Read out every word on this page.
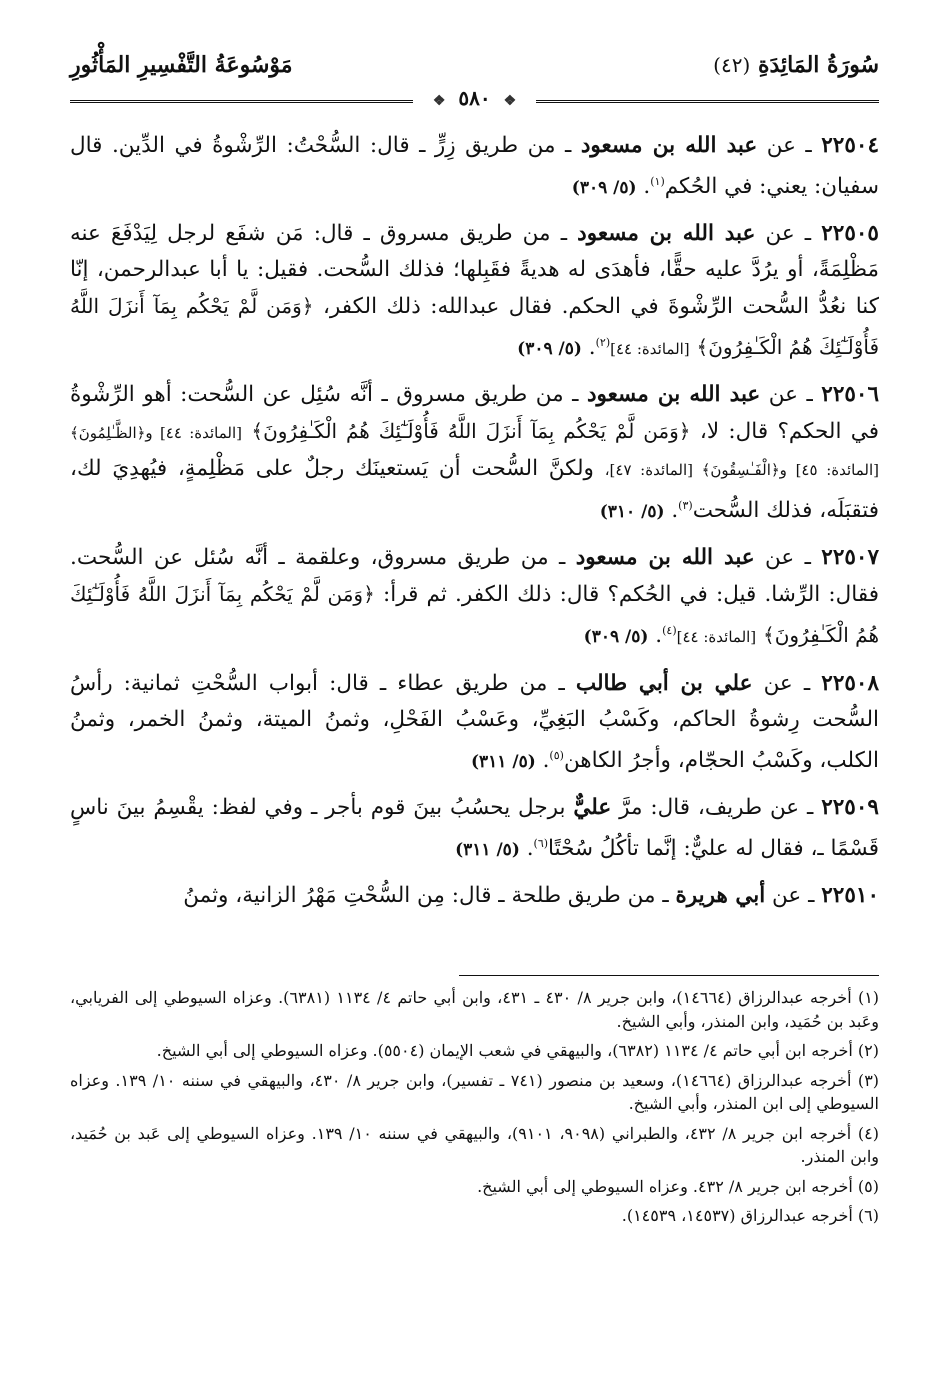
سُورَةُ المَائِدَةِ (٤٢)
مَوْسُوعَةُ التَّفْسِيرِ المَأْثُورِ
❖ ٥٨٠ ❖

٢٢٥٠٤ ـ عن عبد الله بن مسعود ـ من طريق زِرٍّ ـ قال: السُّحْتُ: الرِّشْوةُ في الدِّين. قال سفيان: يعني: في الحُكم$^{(١)}$. (٥/ ٣٠٩)

٢٢٥٠٥ ـ عن عبد الله بن مسعود ـ من طريق مسروق ـ قال: مَن شفَع لرجل لِيَدْفَعَ عنه مَظْلِمَةً، أو يرُدَّ عليه حقًّا، فأهدَى له هديةً فقَبِلها؛ فذلك السُّحت. فقيل: يا أبا عبدالرحمن، إنّا كنا نعُدُّ السُّحت الرِّشْوةَ في الحكم. فقال عبدالله: ذلك الكفر، ﴿وَمَن لَّمْ يَحْكُم بِمَآ أَنزَلَ اللَّهُ فَأُوْلَـٰٓئِكَ هُمُ الْكَـٰفِرُونَ﴾ [المائدة: ٤٤]$^{(٢)}$. (٥/ ٣٠٩)

٢٢٥٠٦ ـ عن عبد الله بن مسعود ـ من طريق مسروق ـ أنَّه سُئِل عن السُّحت: أهو الرِّشْوةُ في الحكم؟ قال: لا، ﴿وَمَن لَّمْ يَحْكُم بِمَآ أَنزَلَ اللَّهُ فَأُوْلَـٰٓئِكَ هُمُ الْكَـٰفِرُونَ﴾ [المائدة: ٤٤] و﴿الظَّـٰلِمُونَ﴾ [المائدة: ٤٥] و﴿الْفَـٰسِقُونَ﴾ [المائدة: ٤٧]، ولكنَّ السُّحت أن يَستعينَك رجلٌ على مَظْلِمةٍ، فيُهدِيَ لك، فتقبَلَه، فذلك السُّحت$^{(٣)}$. (٥/ ٣١٠)

٢٢٥٠٧ ـ عن عبد الله بن مسعود ـ من طريق مسروق، وعلقمة ـ أنَّه سُئل عن السُّحت. فقال: الرِّشا. قيل: في الحُكم؟ قال: ذلك الكفر. ثم قرأ: ﴿وَمَن لَّمْ يَحْكُم بِمَآ أَنزَلَ اللَّهُ فَأُوْلَـٰٓئِكَ هُمُ الْكَـٰفِرُونَ﴾ [المائدة: ٤٤]$^{(٤)}$. (٥/ ٣٠٩)

٢٢٥٠٨ ـ عن علي بن أبي طالب ـ من طريق عطاء ـ قال: أبواب السُّحْتِ ثمانية: رأسُ السُّحت رِشوةُ الحاكم، وكَسْبُ البَغِيِّ، وعَسْبُ الفَحْلِ، وثمنُ الميتة، وثمنُ الخمر، وثمنُ الكلب، وكَسْبُ الحجّام، وأجرُ الكاهن$^{(٥)}$. (٥/ ٣١١)

٢٢٥٠٩ ـ عن طريف، قال: مرَّ عليٌّ برجل يحسُبُ بينَ قوم بأجر ـ وفي لفظ: يقْسِمُ بينَ ناسٍ قَسْمًا ـ، فقال له عليٌّ: إنَّما تأكُلُ سُحْتًا$^{(٦)}$. (٥/ ٣١١)

٢٢٥١٠ ـ عن أبي هريرة ـ من طريق طلحة ـ قال: مِن السُّحْتِ مَهْرُ الزانية، وثمنُ

(١) أخرجه عبدالرزاق (١٤٦٦٤)، وابن جرير ٨/ ٤٣٠ ـ ٤٣١، وابن أبي حاتم ٤/ ١١٣٤ (٦٣٨١). وعزاه السيوطي إلى الفريابي، وعَبد بن حُمَيد، وابن المنذر، وأبي الشيخ.

(٢) أخرجه ابن أبي حاتم ٤/ ١١٣٤ (٦٣٨٢)، والبيهقي في شعب الإيمان (٥٥٠٤). وعزاه السيوطي إلى أبي الشيخ.

(٣) أخرجه عبدالرزاق (١٤٦٦٤)، وسعيد بن منصور (٧٤١ ـ تفسير)، وابن جرير ٨/ ٤٣٠، والبيهقي في سننه ١٠/ ١٣٩. وعزاه السيوطي إلى ابن المنذر، وأبي الشيخ.

(٤) أخرجه ابن جرير ٨/ ٤٣٢، والطبراني (٩٠٩٨، ٩١٠١)، والبيهقي في سننه ١٠/ ١٣٩. وعزاه السيوطي إلى عَبد بن حُمَيد، وابن المنذر.

(٥) أخرجه ابن جرير ٨/ ٤٣٢. وعزاه السيوطي إلى أبي الشيخ.

(٦) أخرجه عبدالرزاق (١٤٥٣٧، ١٤٥٣٩).
